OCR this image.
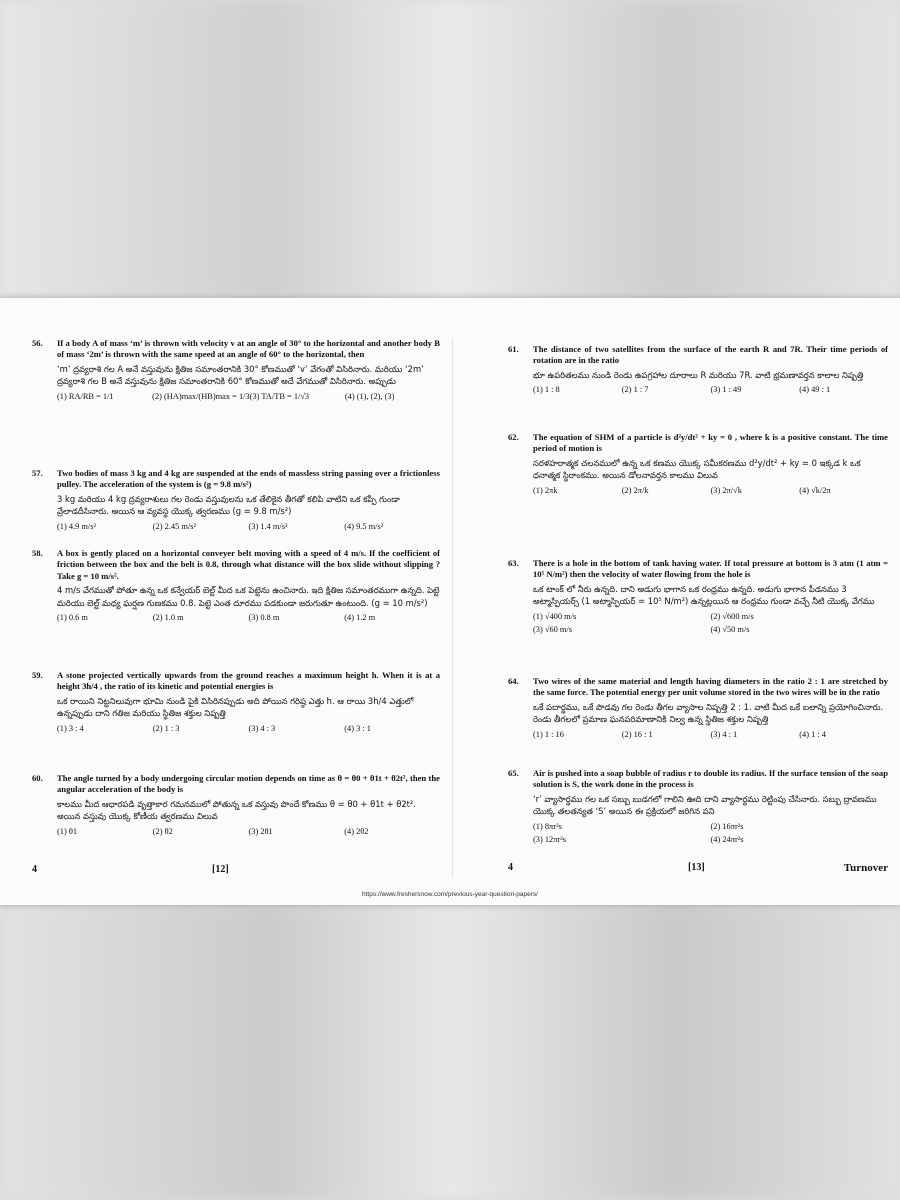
56. If a body A of mass ‘m’ is thrown with velocity v at an angle of 30° to the horizontal and another body B of mass ‘2m’ is thrown with the same speed at an angle of 60° to the horizontal, then
‘m’ ద్రవ్యరాశి గల A అనే వస్తువును క్షితిజ సమాంతరానికి 30° కోణముతో ‘v’ వేగంతో విసిరినారు. మరియు ‘2m’ ద్రవ్యరాశి గల B అనే వస్తువును క్షితిజ సమాంతరానికి 60° కోణముతో అదే వేగముతో విసిరినారు. అప్పుడు
(1) RA/RB = 1/1	(2) (HA)max/(HB)max = 1/3 (3) TA/TB = 1/√3	(4) (1), (2), (3)
57. Two bodies of mass 3 kg and 4 kg are suspended at the ends of massless string passing over a frictionless pulley. The acceleration of the system is (g = 9.8 m/s²)
3 kg మరియు 4 kg ద్రవ్యరాశులు గల రెండు వస్తువులను ఒక తేలికైన తీగతో కలిపి వాటిని ఒక కప్పీ గుండా వ్రేలాడదీసినారు. అయిన ఆ వ్యవస్థ యొక్క త్వరణము (g = 9.8 m/s²)
(1) 4.9 m/s²	(2) 2.45 m/s²	(3) 1.4 m/s²	(4) 9.5 m/s²
58. A box is gently placed on a horizontal conveyer belt moving with a speed of 4 m/s. If the coefficient of friction between the box and the belt is 0.8, through what distance will the box slide without slipping ? Take g = 10 m/s².
4 m/s వేగముతో పోతూ ఉన్న ఒక కన్వేయర్ బెల్ట్ మీద ఒక పెట్టెను ఉంచినారు. ఇది క్షితిజ సమాంతరముగా ఉన్నది. పెట్టె మరియు బెల్ట్ మధ్య ఘర్షణ గుణకము 0.8. పెట్టె ఎంత దూరము పడకుండా జరుగుతూ ఉంటుంది. (g = 10 m/s²)
(1) 0.6 m	(2) 1.0 m	(3) 0.8 m	(4) 1.2 m
59. A stone projected vertically upwards from the ground reaches a maximum height h. When it is at a height 3h/4 , the ratio of its kinetic and potential energies is
ఒక రాయిని నిట్టనిలువుగా భూమి నుండి పైకి విసిరినప్పుడు అది పోయిన గరిష్ఠ ఎత్తు h. ఆ రాయి 3h/4 ఎత్తులో ఉన్నప్పుడు దాని గతిజ మరియు స్థితిజ శక్తుల నిష్పత్తి
(1) 3 : 4	(2) 1 : 3	(3) 4 : 3	(4) 3 : 1
60. The angle turned by a body undergoing circular motion depends on time as θ = θ0 + θ1t + θ2t², then the angular acceleration of the body is
కాలము మీద ఆధారపడి వృత్తాకార గమనములో పోతున్న ఒక వస్తువు పొందే కోణము θ = θ0 + θ1t + θ2t². అయిన వస్తువు యొక్క కోణీయ త్వరణము విలువ
(1) θ1	(2) θ2	(3) 2θ1	(4) 2θ2
4	[12]
61. The distance of two satellites from the surface of the earth R and 7R. Their time periods of rotation are in the ratio
భూ ఉపరితలము నుండి రెండు ఉపగ్రహాల దూరాలు R మరియు 7R. వాటి భ్రమణావర్తన కాలాల నిష్పత్తి
(1) 1 : 8	(2) 1 : 7	(3) 1 : 49	(4) 49 : 1
62. The equation of SHM of a particle is d²y/dt² + ky = 0 , where k is a positive constant. The time period of motion is
సరళహరాత్మక చలనములో ఉన్న ఒక కణము యొక్క సమీకరణము d²y/dt² + ky = 0 ఇక్కడ k ఒక ధనాత్మక స్థిరాంకము. అయిన డోలనావర్తన కాలము విలువ
(1) 2πk	(2) 2π/k	(3) 2π/√k	(4) √k/2π
63. There is a hole in the bottom of tank having water. If total pressure at bottom is 3 atm (1 atm = 10⁵ N/m²) then the velocity of water flowing from the hole is
ఒక టాంక్ లో నీరు ఉన్నది. దాని అడుగు భాగాన ఒక రంధ్రము ఉన్నది. అడుగు భాగాన పీడనము 3 అట్మాస్ఫియర్స్ (1 అట్మాస్ఫియర్ = 10⁵ N/m²) ఉన్నట్లయిన ఆ రంధ్రము గుండా వచ్చే నీటి యొక్క వేగము
(1) √400 m/s	(2) √600 m/s
(3) √60 m/s	(4) √50 m/s
64. Two wires of the same material and length having diameters in the ratio 2 : 1 are stretched by the same force. The potential energy per unit volume stored in the two wires will be in the ratio
ఒకే పదార్థము, ఒకే పొడవు గల రెండు తీగల వ్యాసాల నిష్పత్తి 2 : 1. వాటి మీద ఒకే బలాన్ని ప్రయోగించినారు. రెండు తీగలలో ప్రమాణ ఘనపరిమాణానికి నిల్వ ఉన్న స్థితిజ శక్తుల నిష్పత్తి
(1) 1 : 16	(2) 16 : 1	(3) 4 : 1	(4) 1 : 4
65. Air is pushed into a soap bubble of radius r to double its radius. If the surface tension of the soap solution is S, the work done in the process is
‘r’ వ్యాసార్థము గల ఒక సబ్బు బుడగలో గాలిని ఊది దాని వ్యాసార్థము రెట్టింపు చేసినారు. సబ్బు ద్రావణము యొక్క తలతన్యత ‘S’ అయిన ఈ ప్రక్రియలో జరిగిన పని
(1) 8πr²s	(2) 16πr²s
(3) 12πr²s	(4) 24πr²s
4	[13]	Turnover
https://www.freshersnow.com/previous-year-question-papers/
